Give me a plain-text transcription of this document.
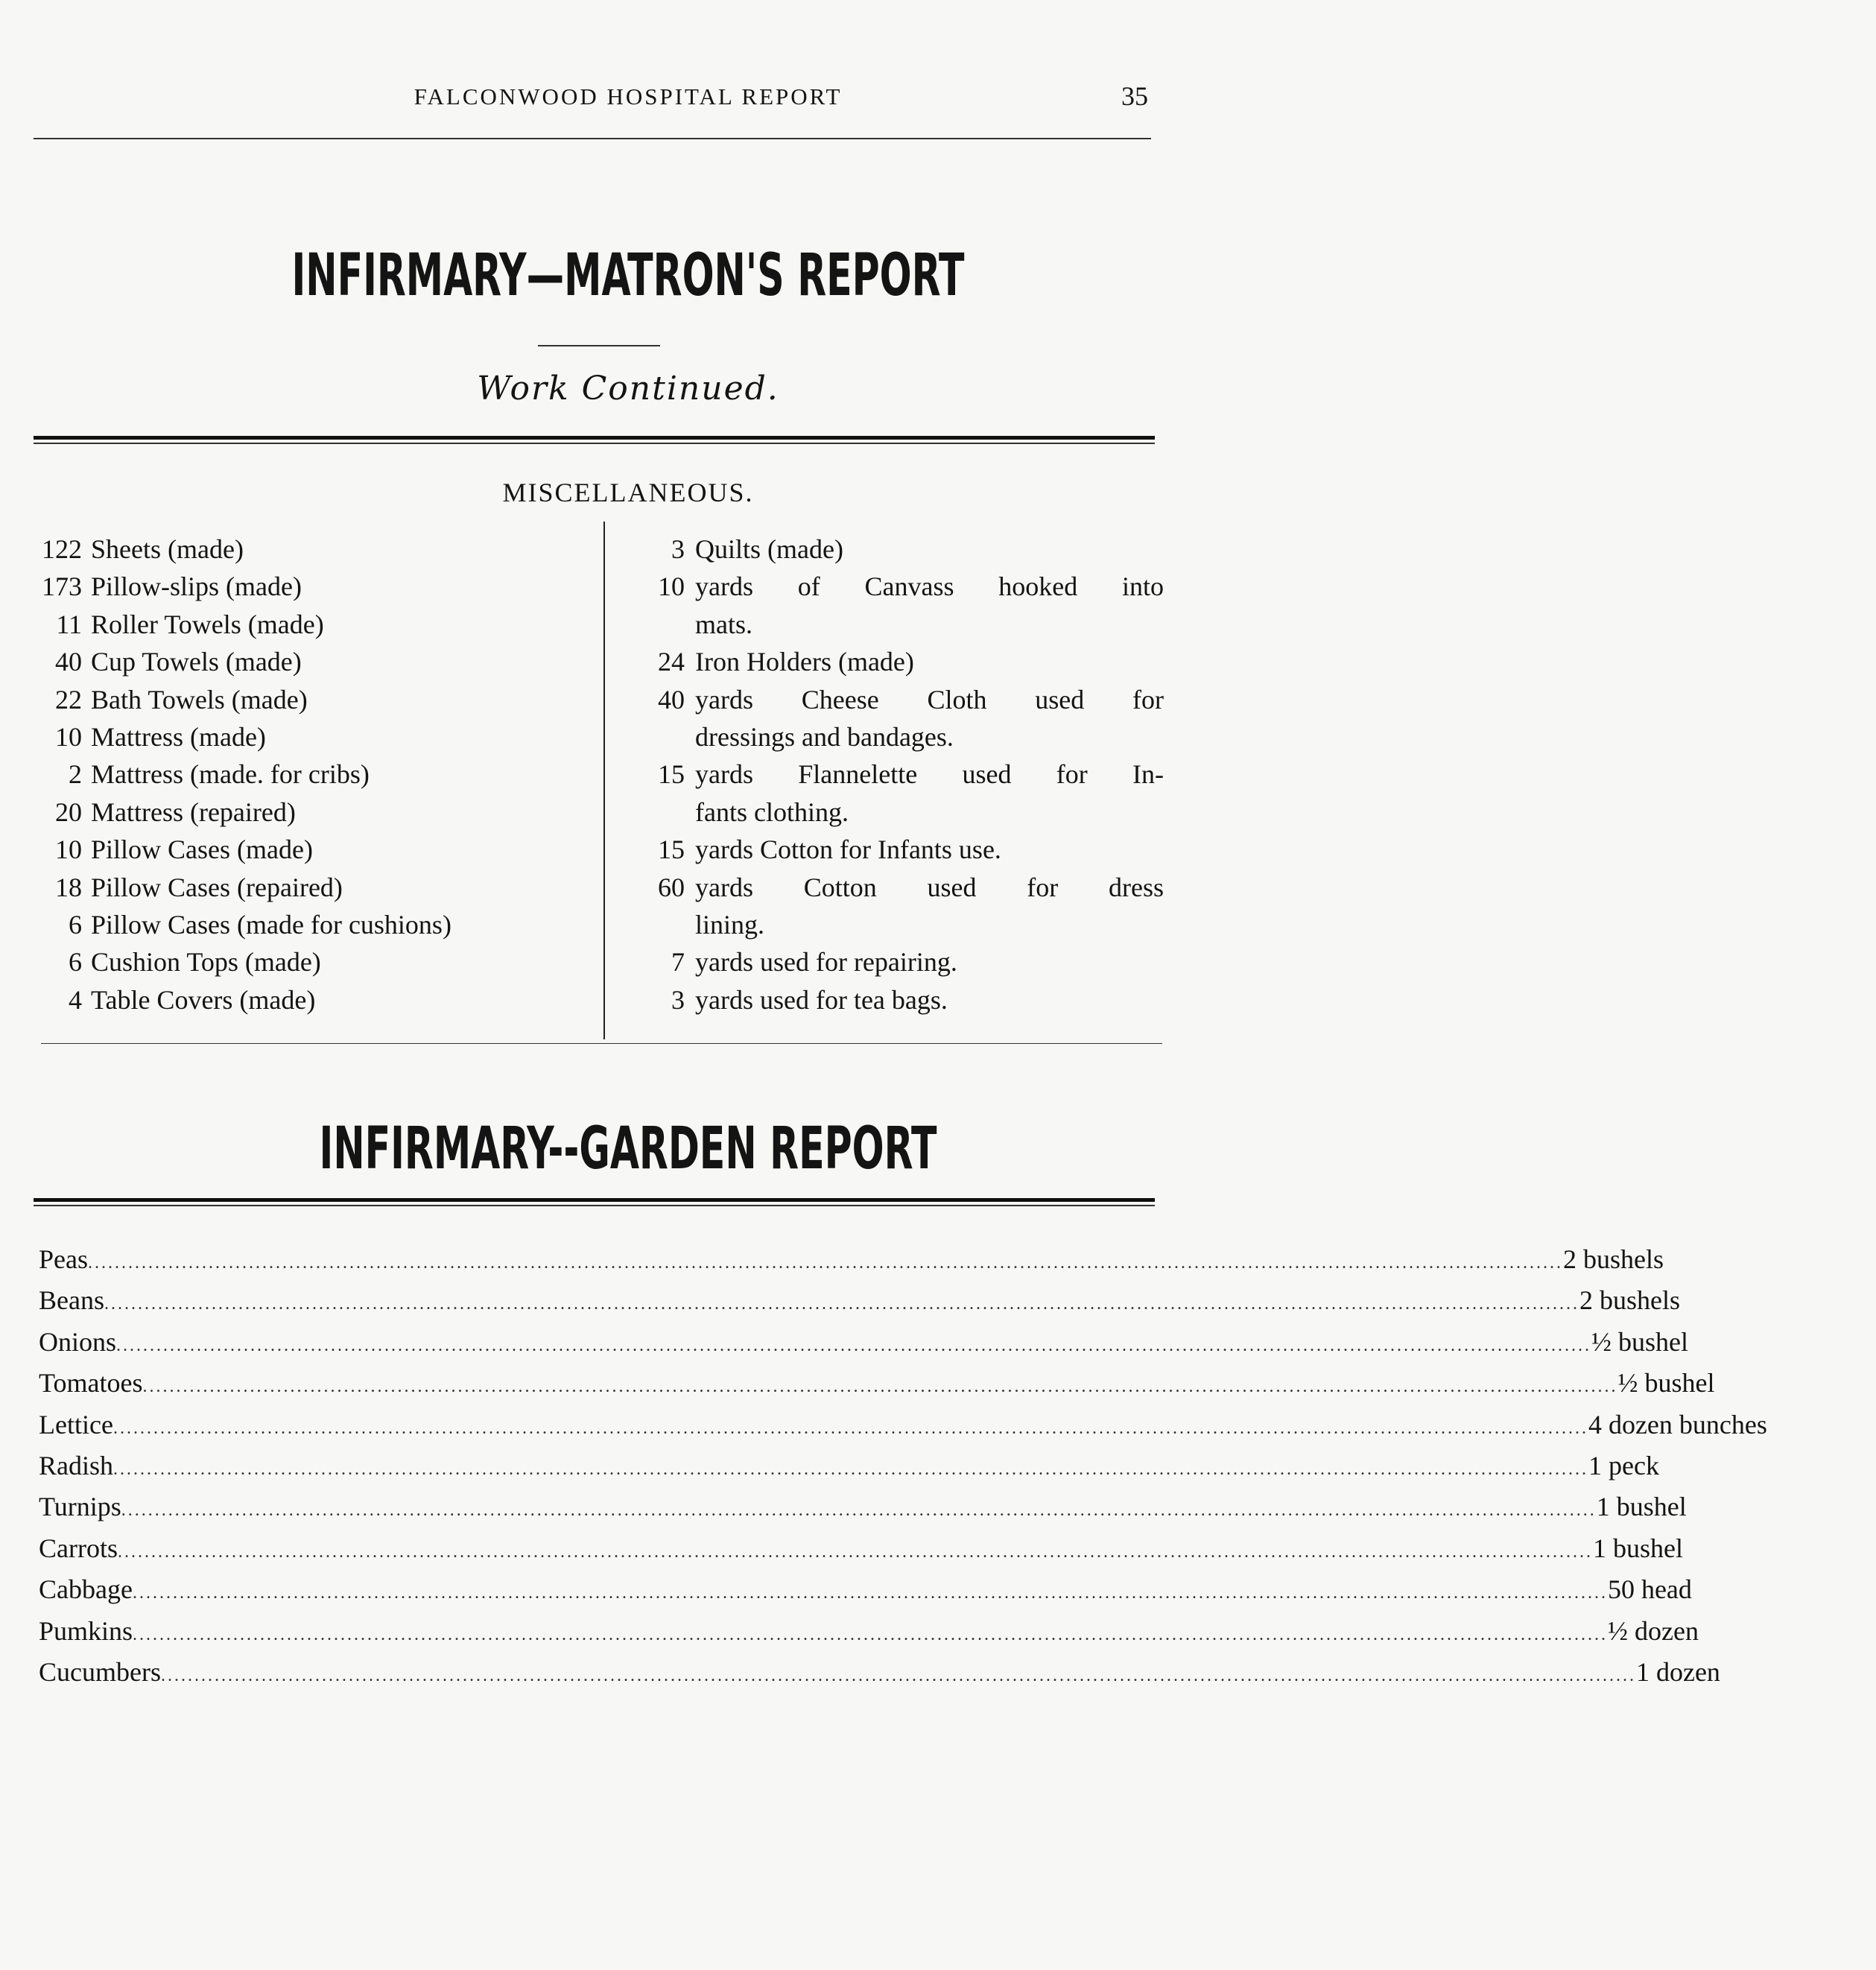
FALCONWOOD HOSPITAL REPORT	35
INFIRMARY—MATRON'S REPORT
Work Continued.
MISCELLANEOUS.
122 Sheets (made)
173 Pillow-slips (made)
11 Roller Towels (made)
40 Cup Towels (made)
22 Bath Towels (made)
10 Mattress (made)
2 Mattress (made. for cribs)
20 Mattress (repaired)
10 Pillow Cases (made)
18 Pillow Cases (repaired)
6 Pillow Cases (made for cushions)
6 Cushion Tops (made)
4 Table Covers (made)
3 Quilts (made)
10 yards of Canvass hooked into
mats.
24 Iron Holders (made)
40 yards Cheese Cloth used for
dressings and bandages.
15 yards Flannelette used for In-
fants clothing.
15 yards Cotton for Infants use.
60 yards Cotton used for dress
lining.
7 yards used for repairing.
3 yards used for tea bags.
INFIRMARY--GARDEN REPORT
Peas ............................................................................................................................................................................................................................ 2 bushels
Beans ............................................................................................................................................................................................................................ 2 bushels
Onions ............................................................................................................................................................................................................................ ½ bushel
Tomatoes ............................................................................................................................................................................................................................ ½ bushel
Lettice ............................................................................................................................................................................................................................ 4 dozen bunches
Radish ............................................................................................................................................................................................................................ 1 peck
Turnips ............................................................................................................................................................................................................................ 1 bushel
Carrots ............................................................................................................................................................................................................................ 1 bushel
Cabbage ............................................................................................................................................................................................................................ 50 head
Pumkins ............................................................................................................................................................................................................................ ½ dozen
Cucumbers ............................................................................................................................................................................................................................ 1 dozen
